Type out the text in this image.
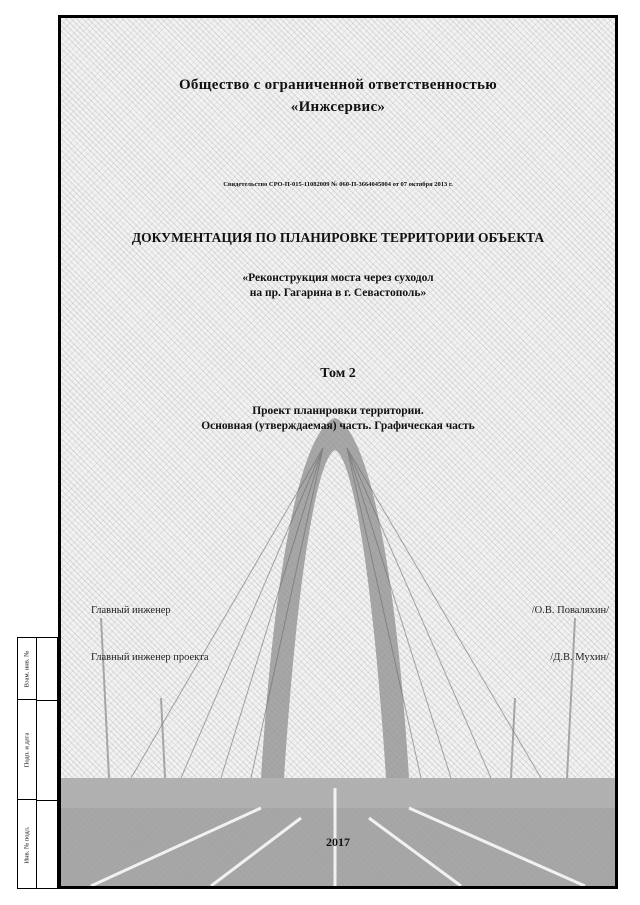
Общество с ограниченной ответственностью
«Инжсервис»
Свидетельство СРО-П-015-11082009 № 060-П-3664045004 от 07 октября 2013 г.
ДОКУМЕНТАЦИЯ ПО ПЛАНИРОВКЕ ТЕРРИТОРИИ ОБЪЕКТА
«Реконструкция моста через суходол
на пр. Гагарина в г. Севастополь»
Том 2
Проект планировки территории.
Основная (утверждаемая) часть. Графическая часть
Главный инженер	/О.В. Поваляхин/
Главный инженер проекта	/Д.В. Мухин/
2017
Взам. инв. №
Подп. и дата
Инв. № подл.
